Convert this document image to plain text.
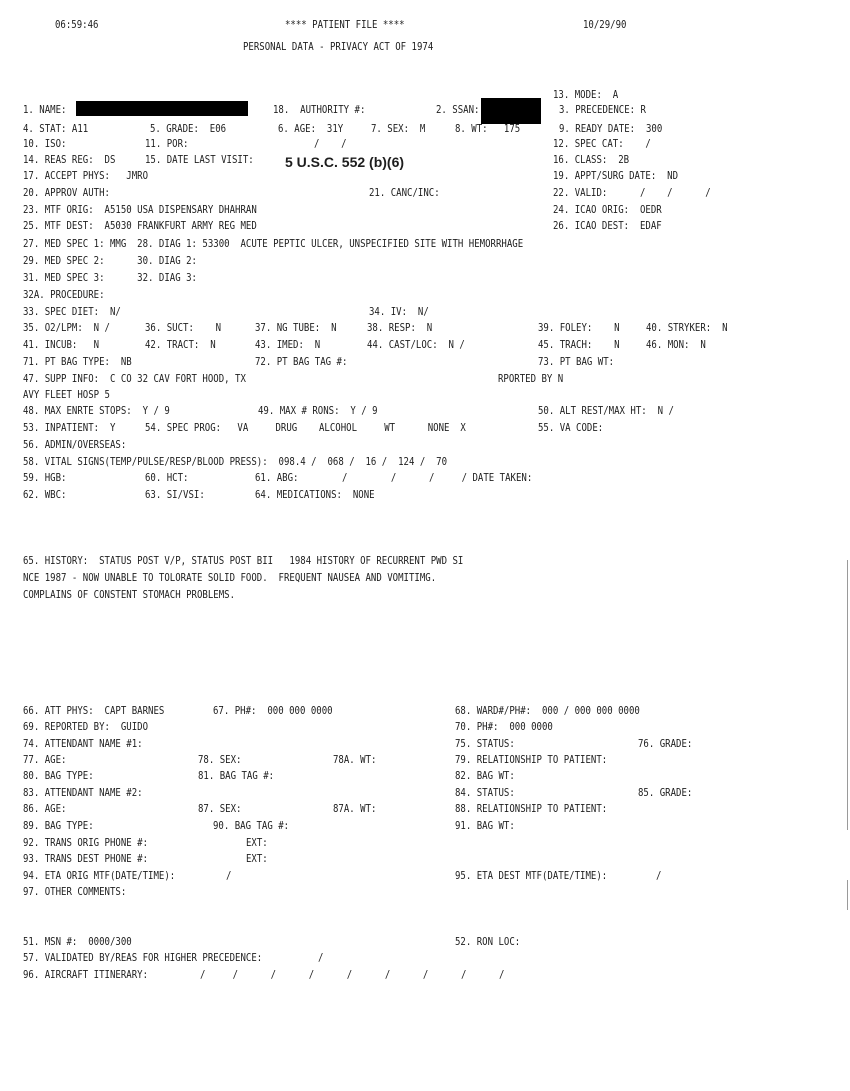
06:59:46	**** PATIENT FILE ****	10/29/90
PERSONAL DATA - PRIVACY ACT OF 1974
13. MODE:  A
1. NAME:	18.  AUTHORITY #:	2. SSAN:	3. PRECEDENCE: R
4. STAT: A11	5. GRADE:  E06	6. AGE:  31Y	7. SEX:  M	8. WT:   175	9. READY DATE:  300
10. ISO:	11. POR:	/    /	12. SPEC CAT:    /
14. REAS REG:  DS	15. DATE LAST VISIT: 5 U.S.C. 552 (b)(6)	16. CLASS:  2B
17. ACCEPT PHYS:   JMRO	19. APPT/SURG DATE:  ND
20. APPROV AUTH:	21. CANC/INC:	22. VALID:      /    /      /
23. MTF ORIG:  A5150 USA DISPENSARY DHAHRAN	24. ICAO ORIG:  OEDR
25. MTF DEST:  A5030 FRANKFURT ARMY REG MED	26. ICAO DEST:  EDAF
27. MED SPEC 1: MMG  28. DIAG 1: 53300  ACUTE PEPTIC ULCER, UNSPECIFIED SITE WITH HEMORRHAGE
29. MED SPEC 2:      30. DIAG 2:
31. MED SPEC 3:      32. DIAG 3:
32A. PROCEDURE:
33. SPEC DIET:  N/	34. IV:  N/
35. O2/LPM:  N /	36. SUCT:    N	37. NG TUBE:  N	38. RESP:  N	39. FOLEY:    N	40. STRYKER:  N
41. INCUB:   N	42. TRACT:  N	43. IMED:  N	44. CAST/LOC:  N /	45. TRACH:    N	46. MON:  N
71. PT BAG TYPE:  NB	72. PT BAG TAG #:	73. PT BAG WT:
47. SUPP INFO:  C CO 32 CAV FORT HOOD, TX	RPORTED BY N
AVY FLEET HOSP 5
48. MAX ENRTE STOPS:  Y / 9	49. MAX # RONS:  Y / 9	50. ALT REST/MAX HT:  N /
53. INPATIENT:  Y	54. SPEC PROG:   VA     DRUG    ALCOHOL     WT      NONE  X	55. VA CODE:
56. ADMIN/OVERSEAS:
58. VITAL SIGNS(TEMP/PULSE/RESP/BLOOD PRESS):  098.4 /  068 /  16 /  124 /  70
59. HGB:	60. HCT:	61. ABG:        /        /      /     / DATE TAKEN:
62. WBC:	63. SI/VSI:	64. MEDICATIONS:  NONE
65. HISTORY:  STATUS POST V/P, STATUS POST BII   1984 HISTORY OF RECURRENT PWD SI
NCE 1987 - NOW UNABLE TO TOLORATE SOLID FOOD.  FREQUENT NAUSEA AND VOMITIMG.
COMPLAINS OF CONSTENT STOMACH PROBLEMS.
66. ATT PHYS:  CAPT BARNES	67. PH#:  000 000 0000	68. WARD#/PH#:  000 / 000 000 0000
69. REPORTED BY:  GUIDO	70. PH#:  000 0000
74. ATTENDANT NAME #1:	75. STATUS:	76. GRADE:
77. AGE:	78. SEX:	78A. WT:	79. RELATIONSHIP TO PATIENT:
80. BAG TYPE:	81. BAG TAG #:	82. BAG WT:
83. ATTENDANT NAME #2:	84. STATUS:	85. GRADE:
86. AGE:	87. SEX:	87A. WT:	88. RELATIONSHIP TO PATIENT:
89. BAG TYPE:	90. BAG TAG #:	91. BAG WT:
92. TRANS ORIG PHONE #:	EXT:
93. TRANS DEST PHONE #:	EXT:
94. ETA ORIG MTF(DATE/TIME):	/	95. ETA DEST MTF(DATE/TIME):	/
97. OTHER COMMENTS:
51. MSN #:  0000/300	52. RON LOC:
57. VALIDATED BY/REAS FOR HIGHER PRECEDENCE:	/
96. AIRCRAFT ITINERARY:	/     /      /      /      /      /      /      /      /
